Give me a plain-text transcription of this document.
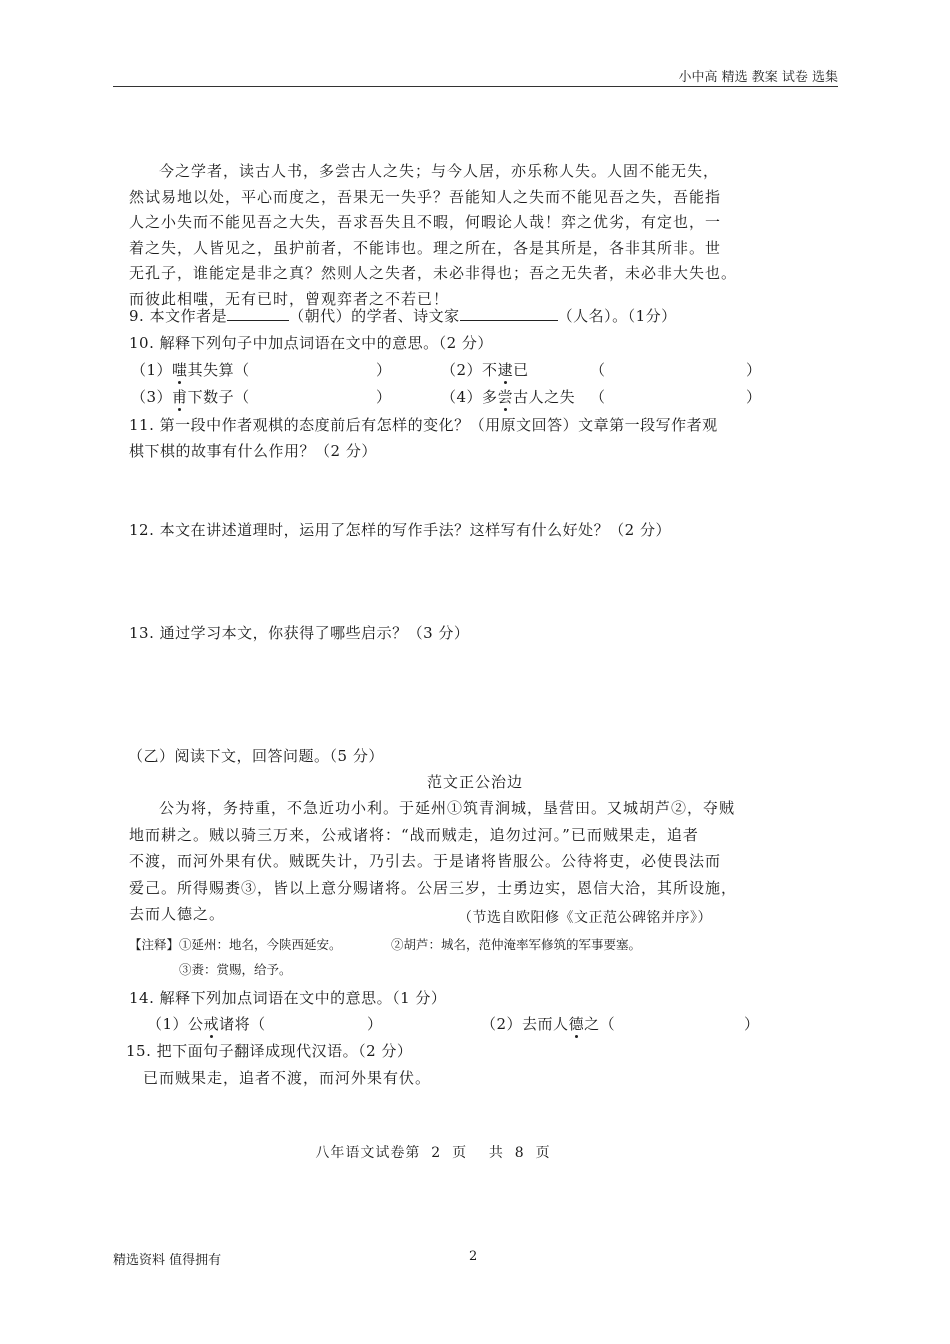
小中高 精选 教案 试卷 选集
今之学者，读古人书，多尝古人之失；与今人居，亦乐称人失。人固不能无失，
然试易地以处，平心而度之，吾果无一失乎？吾能知人之失而不能见吾之失，吾能指
人之小失而不能见吾之大失，吾求吾失且不暇，何暇论人哉！弈之优劣，有定也，一
着之失，人皆见之，虽护前者，不能讳也。理之所在，各是其所是，各非其所非。世
无孔子，谁能定是非之真？然则人之失者，未必非得也；吾之无失者，未必非大失也。
而彼此相嗤，无有已时，曾观弈者之不若已！
9. 本文作者是	（朝代）的学者、诗文家	（人名）。（1分）
10. 解释下列句子中加点词语在文中的意思。（2 分）
（1）嗤其失算（	）	（2）不逮已	（	）
（3）甫下数子（	）	（4）多尝古人之失 （	）
11. 第一段中作者观棋的态度前后有怎样的变化？（用原文回答）文章第一段写作者观
棋下棋的故事有什么作用？（2 分）
12. 本文在讲述道理时，运用了怎样的写作手法？这样写有什么好处？（2 分）
13. 通过学习本文，你获得了哪些启示？（3 分）
（乙）阅读下文，回答问题。（5 分）
范文正公治边
公为将，务持重，不急近功小利。于延州①筑青涧城，垦营田。又城胡芦②，夺贼
地而耕之。贼以骑三万来，公戒诸将：“战而贼走，追勿过河。”已而贼果走，追者
不渡，而河外果有伏。贼既失计，乃引去。于是诸将皆服公。公待将吏，必使畏法而
爱己。所得赐赉③，皆以上意分赐诸将。公居三岁，士勇边实，恩信大洽，其所设施，
去而人德之。	（节选自欧阳修《文正范公碑铭并序》）
【注释】①延州：地名，今陕西延安。	②胡芦：城名，范仲淹率军修筑的军事要塞。
③赉：赏赐，给予。
14. 解释下列加点词语在文中的意思。（1 分）
（1）公戒诸将（	）	（2）去而人德之（	）
15. 把下面句子翻译成现代汉语。（2 分）
已而贼果走，追者不渡，而河外果有伏。
八年语文试卷第  2  页    共  8  页
精选资料 值得拥有	2
